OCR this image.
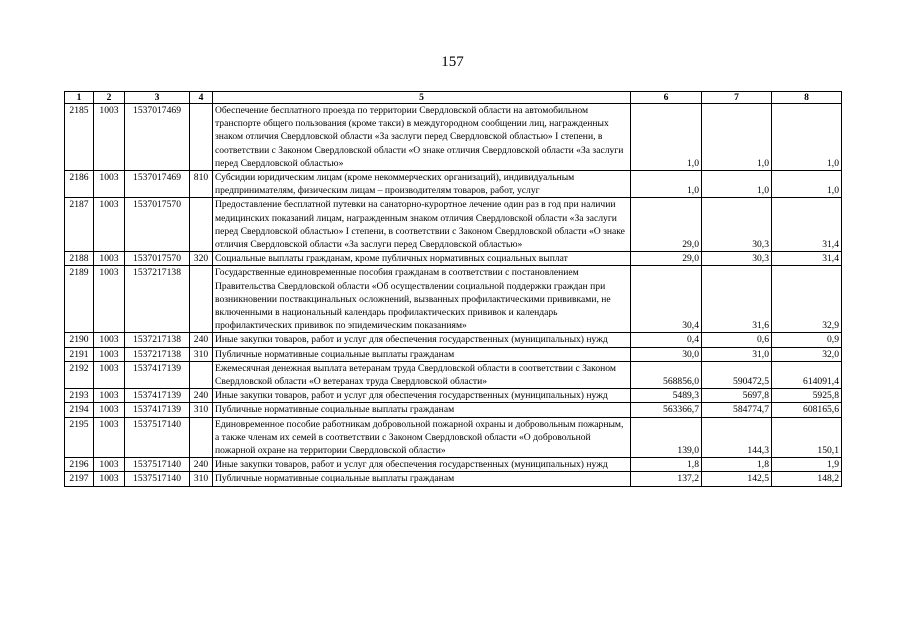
157
1	2	3	4	5	6	7	8
2185	1003	1537017469		Обеспечение бесплатного проезда по территории Свердловской области на автомобильном транспорте общего пользования (кроме такси) в междугородном сообщении лиц, награжденных знаком отличия Свердловской области «За заслуги перед Свердловской областью» I степени, в соответствии с Законом Свердловской области «О знаке отличия Свердловской области «За заслуги перед Свердловской областью»	1,0	1,0	1,0
2186	1003	1537017469	810	Субсидии юридическим лицам (кроме некоммерческих организаций), индивидуальным предпринимателям, физическим лицам – производителям товаров, работ, услуг	1,0	1,0	1,0
2187	1003	1537017570		Предоставление бесплатной путевки на санаторно-курортное лечение один раз в год при наличии медицинских показаний лицам, награжденным знаком отличия Свердловской области «За заслуги перед Свердловской областью» I степени, в соответствии с Законом Свердловской области «О знаке отличия Свердловской области «За заслуги перед Свердловской областью»	29,0	30,3	31,4
2188	1003	1537017570	320	Социальные выплаты гражданам, кроме публичных нормативных социальных выплат	29,0	30,3	31,4
2189	1003	1537217138		Государственные единовременные пособия гражданам в соответствии с постановлением Правительства Свердловской области «Об осуществлении социальной поддержки граждан при возникновении поствакцинальных осложнений, вызванных профилактическими прививками, не включенными в национальный календарь профилактических прививок и календарь профилактических прививок по эпидемическим показаниям»	30,4	31,6	32,9
2190	1003	1537217138	240	Иные закупки товаров, работ и услуг для обеспечения государственных (муниципальных) нужд	0,4	0,6	0,9
2191	1003	1537217138	310	Публичные нормативные социальные выплаты гражданам	30,0	31,0	32,0
2192	1003	1537417139		Ежемесячная денежная выплата ветеранам труда Свердловской области в соответствии с Законом Свердловской области «О ветеранах труда Свердловской области»	568856,0	590472,5	614091,4
2193	1003	1537417139	240	Иные закупки товаров, работ и услуг для обеспечения государственных (муниципальных) нужд	5489,3	5697,8	5925,8
2194	1003	1537417139	310	Публичные нормативные социальные выплаты гражданам	563366,7	584774,7	608165,6
2195	1003	1537517140		Единовременное пособие работникам добровольной пожарной охраны и добровольным пожарным, а также членам их семей в соответствии с Законом Свердловской области «О добровольной пожарной охране на территории Свердловской области»	139,0	144,3	150,1
2196	1003	1537517140	240	Иные закупки товаров, работ и услуг для обеспечения государственных (муниципальных) нужд	1,8	1,8	1,9
2197	1003	1537517140	310	Публичные нормативные социальные выплаты гражданам	137,2	142,5	148,2
